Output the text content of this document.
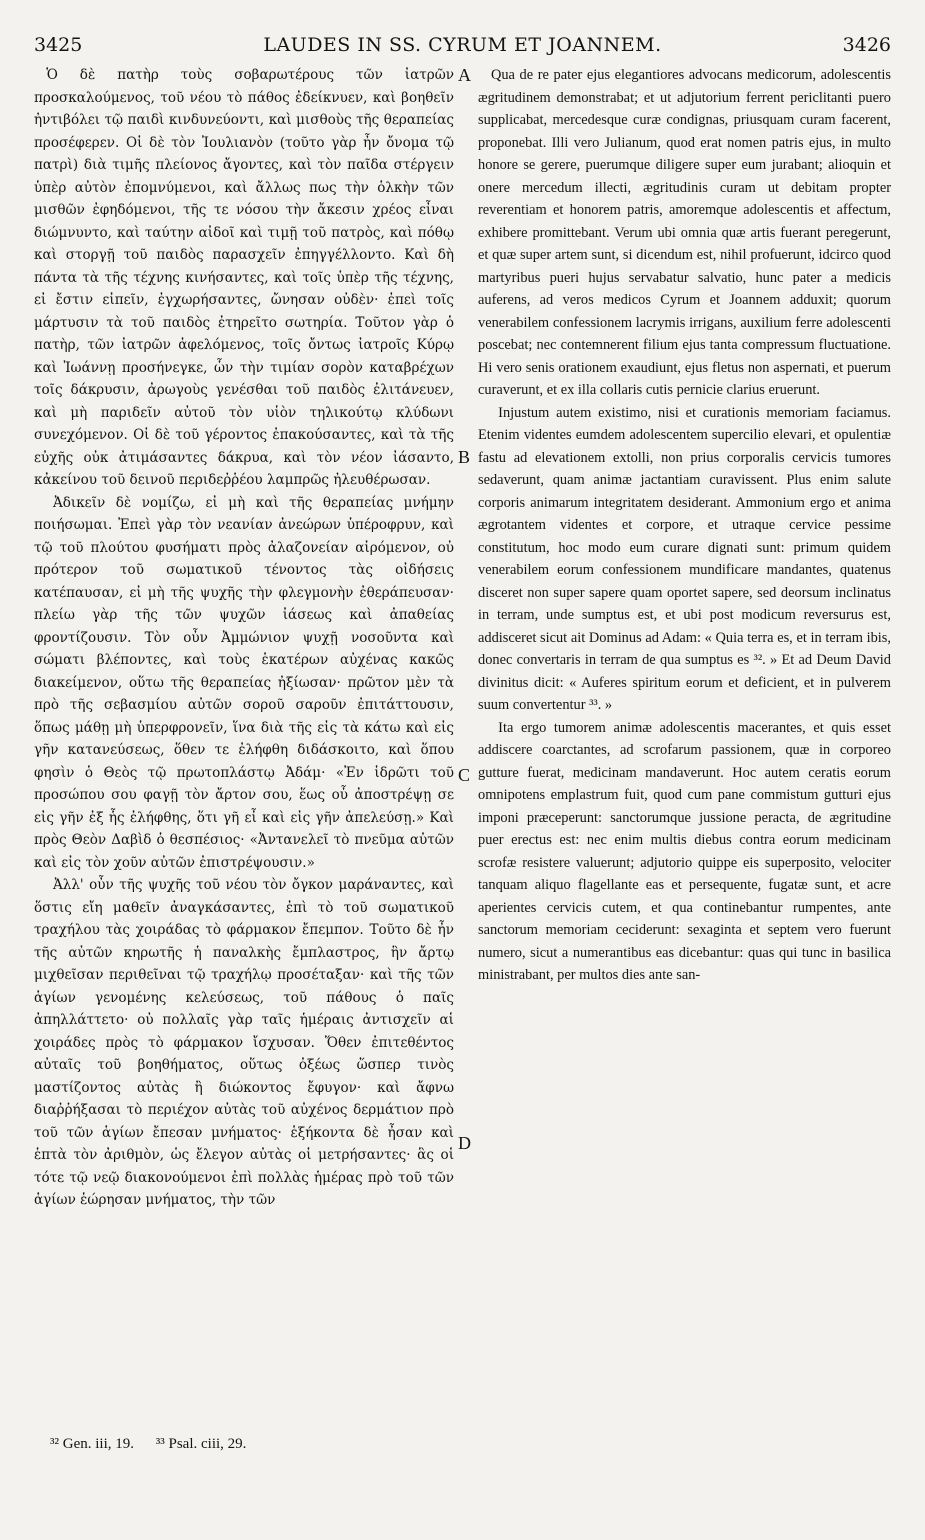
3425	LAUDES IN SS. CYRUM ET JOANNEM.	3426

Ὁ δὲ πατὴρ τοὺς σοβαρωτέρους τῶν ἰατρῶν προσκαλούμενος, τοῦ νέου τὸ πάθος ἐδείκνυεν, καὶ βοηθεῖν ἠντιβόλει τῷ παιδὶ κινδυνεύοντι, καὶ μισθοὺς τῆς θεραπείας προσέφερεν. Οἱ δὲ τὸν Ἰουλιανὸν (τοῦτο γὰρ ἦν ὄνομα τῷ πατρὶ) διὰ τιμῆς πλείονος ἄγοντες, καὶ τὸν παῖδα στέργειν ὑπὲρ αὐτὸν ἐπομνύμενοι, καὶ ἄλλως πως τὴν ὁλκὴν τῶν μισθῶν ἐφηδόμενοι, τῆς τε νόσου τὴν ἄκεσιν χρέος εἶναι διώμνυντο, καὶ ταύτην αἰδοῖ καὶ τιμῇ τοῦ πατρὸς, καὶ πόθῳ καὶ στοργῇ τοῦ παιδὸς παρασχεῖν ἐπηγγέλλοντο. Καὶ δὴ πάντα τὰ τῆς τέχνης κινήσαντες, καὶ τοῖς ὑπὲρ τῆς τέχνης, εἰ ἔστιν εἰπεῖν, ἐγχωρήσαντες, ὤνησαν οὐδὲν· ἐπεὶ τοῖς μάρτυσιν τὰ τοῦ παιδὸς ἐτηρεῖτο σωτηρία. Τοῦτον γὰρ ὁ πατὴρ, τῶν ἰατρῶν ἀφελόμενος, τοῖς ὄντως ἰατροῖς Κύρῳ καὶ Ἰωάννῃ προσήνεγκε, ὧν τὴν τιμίαν σορὸν καταβρέχων τοῖς δάκρυσιν, ἀρωγοὺς γενέσθαι τοῦ παιδὸς ἐλιτάνευεν, καὶ μὴ παριδεῖν αὐτοῦ τὸν υἱὸν τηλικούτῳ κλύδωνι συνεχόμενον. Οἱ δὲ τοῦ γέροντος ἐπακούσαντες, καὶ τὰ τῆς εὐχῆς οὐκ ἀτιμάσαντες δάκρυα, καὶ τὸν νέον ἰάσαντο, κἀκείνου τοῦ δεινοῦ περιδεῤῥέου λαμπρῶς ἠλευθέρωσαν.

Ἀδικεῖν δὲ νομίζω, εἰ μὴ καὶ τῆς θεραπείας μνήμην ποιήσωμαι. Ἐπεὶ γὰρ τὸν νεανίαν ἀνεώρων ὑπέροφρυν, καὶ τῷ τοῦ πλούτου φυσήματι πρὸς ἀλαζονείαν αἰρόμενον, οὐ πρότερον τοῦ σωματικοῦ τένοντος τὰς οἰδήσεις κατέπαυσαν, εἰ μὴ τῆς ψυχῆς τὴν φλεγμονὴν ἐθεράπευσαν· πλείω γὰρ τῆς τῶν ψυχῶν ἰάσεως καὶ ἀπαθείας φροντίζουσιν. Τὸν οὖν Ἀμμώνιον ψυχῇ νοσοῦντα καὶ σώματι βλέποντες, καὶ τοὺς ἑκατέρων αὐχένας κακῶς διακείμενον, οὕτω τῆς θεραπείας ἠξίωσαν· πρῶτον μὲν τὰ πρὸ τῆς σεβασμίου αὐτῶν σοροῦ σαροῦν ἐπιτάττουσιν, ὅπως μάθῃ μὴ ὑπερφρονεῖν, ἵνα διὰ τῆς εἰς τὰ κάτω καὶ εἰς γῆν κατανεύσεως, ὅθεν τε ἐλήφθη διδάσκοιτο, καὶ ὅπου φησὶν ὁ Θεὸς τῷ πρωτοπλάστῳ Ἀδάμ· «Ἐν ἱδρῶτι τοῦ προσώπου σου φαγῇ τὸν ἄρτον σου, ἕως οὗ ἀποστρέψῃ σε εἰς γῆν ἐξ ἧς ἐλήφθης, ὅτι γῆ εἶ καὶ εἰς γῆν ἀπελεύσῃ.» Καὶ πρὸς Θεὸν Δαβὶδ ὁ θεσπέσιος· «Ἀντανελεῖ τὸ πνεῦμα αὐτῶν καὶ εἰς τὸν χοῦν αὐτῶν ἐπιστρέψουσιν.»

Ἀλλ' οὖν τῆς ψυχῆς τοῦ νέου τὸν ὄγκον μαράναντες, καὶ ὅστις εἴη μαθεῖν ἀναγκάσαντες, ἐπὶ τὸ τοῦ σωματικοῦ τραχήλου τὰς χοιράδας τὸ φάρμακον ἔπεμπον. Τοῦτο δὲ ἦν τῆς αὐτῶν κηρωτῆς ἡ παναλκὴς ἔμπλαστρος, ἣν ἄρτῳ μιχθεῖσαν περιθεῖναι τῷ τραχήλῳ προσέταξαν· καὶ τῆς τῶν ἁγίων γενομένης κελεύσεως, τοῦ πάθους ὁ παῖς ἀπηλλάττετο· οὐ πολλαῖς γὰρ ταῖς ἡμέραις ἀντισχεῖν αἱ χοιράδες πρὸς τὸ φάρμακον ἴσχυσαν. Ὅθεν ἐπιτεθέντος αὐταῖς τοῦ βοηθήματος, οὕτως ὀξέως ὥσπερ τινὸς μαστίζοντος αὐτὰς ἢ διώκοντος ἔφυγον· καὶ ἄφνω διαῤῥήξασαι τὸ περιέχον αὐτὰς τοῦ αὐχένος δερμάτιον πρὸ τοῦ τῶν ἁγίων ἔπεσαν μνήματος· ἑξήκοντα δὲ ἦσαν καὶ ἑπτὰ τὸν ἀριθμὸν, ὡς ἔλεγον αὐτὰς οἱ μετρήσαντες· ἃς οἱ τότε τῷ νεῷ διακονούμενοι ἐπὶ πολλὰς ἡμέρας πρὸ τοῦ τῶν ἁγίων ἑώρησαν μνήματος, τὴν τῶν

A
B
C
D

Qua de re pater ejus elegantiores advocans medicorum, adolescentis ægritudinem demonstrabat; et ut adjutorium ferrent periclitanti puero supplicabat, mercedesque curæ condignas, priusquam curam facerent, proponebat. Illi vero Julianum, quod erat nomen patris ejus, in multo honore se gerere, puerumque diligere super eum jurabant; alioquin et onere mercedum illecti, ægritudinis curam ut debitam propter reverentiam et honorem patris, amoremque adolescentis et affectum, exhibere promittebant. Verum ubi omnia quæ artis fuerant peregerunt, et quæ super artem sunt, si dicendum est, nihil profuerunt, idcirco quod martyribus pueri hujus servabatur salvatio, hunc pater a medicis auferens, ad veros medicos Cyrum et Joannem adduxit; quorum venerabilem confessionem lacrymis irrigans, auxilium ferre adolescenti poscebat; nec contemnerent filium ejus tanta compressum fluctuatione. Hi vero senis orationem exaudiunt, ejus fletus non aspernati, et puerum curaverunt, et ex illa collaris cutis pernicie clarius eruerunt.

Injustum autem existimo, nisi et curationis memoriam faciamus. Etenim videntes eumdem adolescentem supercilio elevari, et opulentiæ fastu ad elevationem extolli, non prius corporalis cervicis tumores sedaverunt, quam animæ jactantiam curavissent. Plus enim salute corporis animarum integritatem desiderant. Ammonium ergo et anima ægrotantem videntes et corpore, et utraque cervice pessime constitutum, hoc modo eum curare dignati sunt: primum quidem venerabilem eorum confessionem mundificare mandantes, quatenus disceret non super sapere quam oportet sapere, sed deorsum inclinatus in terram, unde sumptus est, et ubi post modicum reversurus est, addisceret sicut ait Dominus ad Adam: « Quia terra es, et in terram ibis, donec convertaris in terram de qua sumptus es ³². » Et ad Deum David divinitus dicit: « Auferes spiritum eorum et deficient, et in pulverem suum convertentur ³³. »

Ita ergo tumorem animæ adolescentis macerantes, et quis esset addiscere coarctantes, ad scrofarum passionem, quæ in corporeo gutture fuerat, medicinam mandaverunt. Hoc autem ceratis eorum omnipotens emplastrum fuit, quod cum pane commistum gutturi ejus imponi præceperunt: sanctorumque jussione peracta, de ægritudine puer erectus est: nec enim multis diebus contra eorum medicinam scrofæ resistere valuerunt; adjutorio quippe eis superposito, velociter tanquam aliquo flagellante eas et persequente, fugatæ sunt, et acre aperientes cervicis cutem, et qua continebantur rumpentes, ante sanctorum memoriam ceciderunt: sexaginta et septem vero fuerunt numero, sicut a numerantibus eas dicebantur: quas qui tunc in basilica ministrabant, per multos dies ante san-

³² Gen. iii, 19. ³³ Psal. ciii, 29.
